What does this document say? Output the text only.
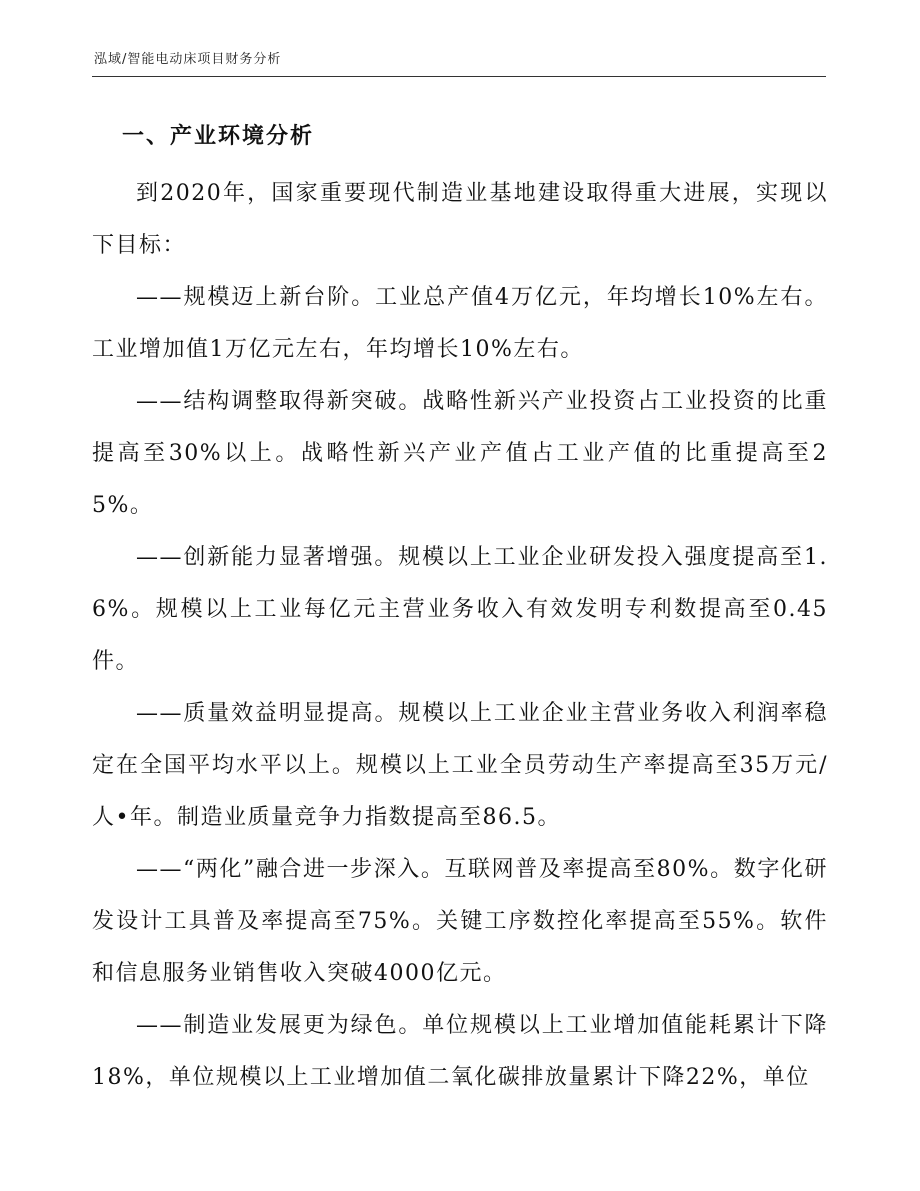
泓域/智能电动床项目财务分析
一、产业环境分析

到2020年，国家重要现代制造业基地建设取得重大进展，实现以下目标：

——规模迈上新台阶。工业总产值4万亿元，年均增长10%左右。工业增加值1万亿元左右，年均增长10%左右。

——结构调整取得新突破。战略性新兴产业投资占工业投资的比重提高至30%以上。战略性新兴产业产值占工业产值的比重提高至25%。

——创新能力显著增强。规模以上工业企业研发投入强度提高至1.6%。规模以上工业每亿元主营业务收入有效发明专利数提高至0.45件。

——质量效益明显提高。规模以上工业企业主营业务收入利润率稳定在全国平均水平以上。规模以上工业全员劳动生产率提高至35万元/人•年。制造业质量竞争力指数提高至86.5。

——“两化”融合进一步深入。互联网普及率提高至80%。数字化研发设计工具普及率提高至75%。关键工序数控化率提高至55%。软件和信息服务业销售收入突破4000亿元。

——制造业发展更为绿色。单位规模以上工业增加值能耗累计下降18%，单位规模以上工业增加值二氧化碳排放量累计下降22%，单位
